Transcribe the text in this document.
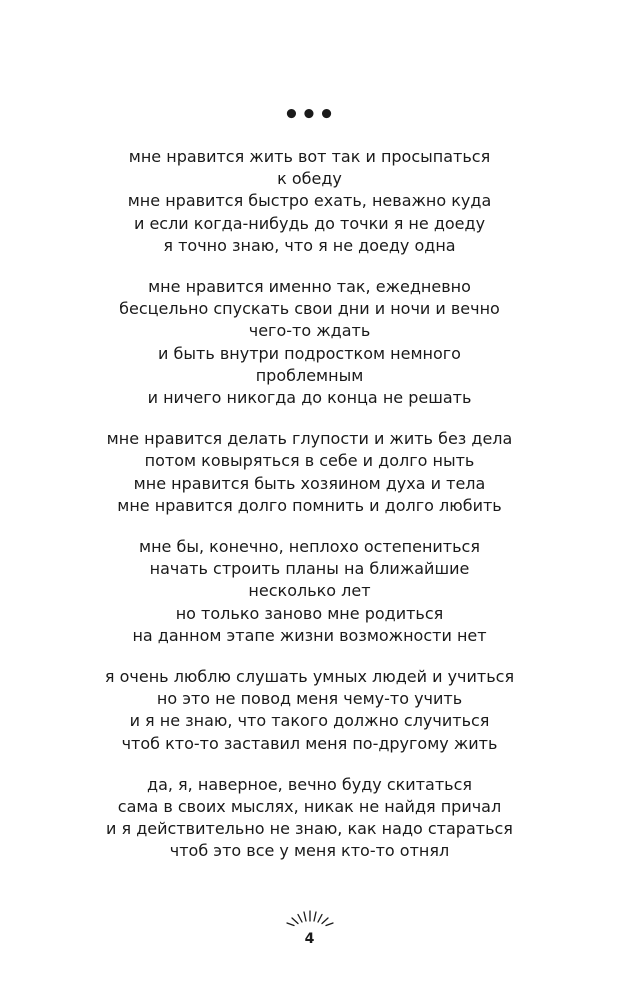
•••
мне нравится жить вот так и просыпаться
к обеду
мне нравится быстро ехать, неважно куда
и если когда-нибудь до точки я не доеду
я точно знаю, что я не доеду одна
мне нравится именно так, ежедневно
бесцельно спускать свои дни и ночи и вечно
чего-то ждать
и быть внутри подростком немного
проблемным
и ничего никогда до конца не решать
мне нравится делать глупости и жить без дела
потом ковыряться в себе и долго ныть
мне нравится быть хозяином духа и тела
мне нравится долго помнить и долго любить
мне бы, конечно, неплохо остепениться
начать строить планы на ближайшие
несколько лет
но только заново мне родиться
на данном этапе жизни возможности нет
я очень люблю слушать умных людей и учиться
но это не повод меня чему-то учить
и я не знаю, что такого должно случиться
чтоб кто-то заставил меня по-другому жить
да, я, наверное, вечно буду скитаться
сама в своих мыслях, никак не найдя причал
и я действительно не знаю, как надо стараться
чтоб это все у меня кто-то отнял
4
